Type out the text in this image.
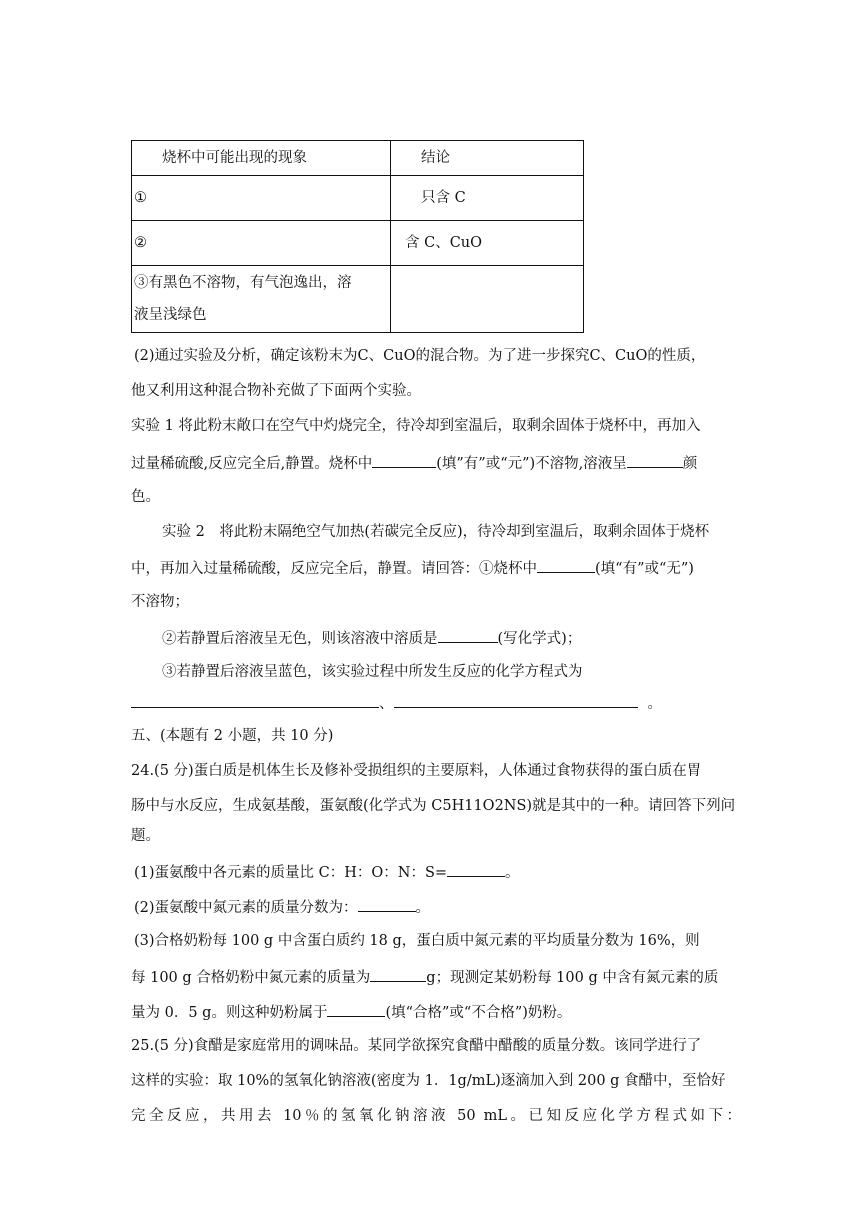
烧杯中可能出现的现象	结论
①	只含 C
②	含 C、CuO

③有黑色不溶物，有气泡逸出，溶
液呈浅绿色	

(2)通过实验及分析，确定该粉末为C、CuO的混合物。为了进一步探究C、CuO的性质，
他又利用这种混合物补充做了下面两个实验。
实验 1 将此粉末敞口在空气中灼烧完全，待冷却到室温后，取剩余固体于烧杯中，再加入
过量稀硫酸,反应完全后,静置。烧杯中	(填”有”或“元”)不溶物,溶液呈	颜
色。
实验 2　将此粉末隔绝空气加热(若碳完全反应)，待冷却到室温后，取剩余固体于烧杯
中，再加入过量稀硫酸，反应完全后，静置。请回答：①烧杯中	(填“有”或“无”)
不溶物；
②若静置后溶液呈无色，则该溶液中溶质是	(写化学式)；
③若静置后溶液呈蓝色，该实验过程中所发生反应的化学方程式为
、	。
五、(本题有 2 小题，共 10 分)
24.(5 分)蛋白质是机体生长及修补受损组织的主要原料，人体通过食物获得的蛋白质在胃
肠中与水反应，生成氨基酸，蛋氨酸(化学式为 C5H11O2NS)就是其中的一种。请回答下列问
题。
(1)蛋氨酸中各元素的质量比 C：H：O：N：S=	。
(2)蛋氨酸中氮元素的质量分数为：	。
(3)合格奶粉每 100 g 中含蛋白质约 18 g，蛋白质中氮元素的平均质量分数为 16%，则
每 100 g 合格奶粉中氮元素的质量为	g；现测定某奶粉每 100 g 中含有氮元素的质
量为 0．5 g。则这种奶粉属于	(填“合格”或“不合格”)奶粉。
25.(5 分)食醋是家庭常用的调味品。某同学欲探究食醋中醋酸的质量分数。该同学进行了
这样的实验：取 10%的氢氧化钠溶液(密度为 1．1g/mL)逐滴加入到 200 g 食醋中，至恰好
完全反应，共用去 10％的氢氧化钠溶液 50 mL。已知反应化学方程式如下：
